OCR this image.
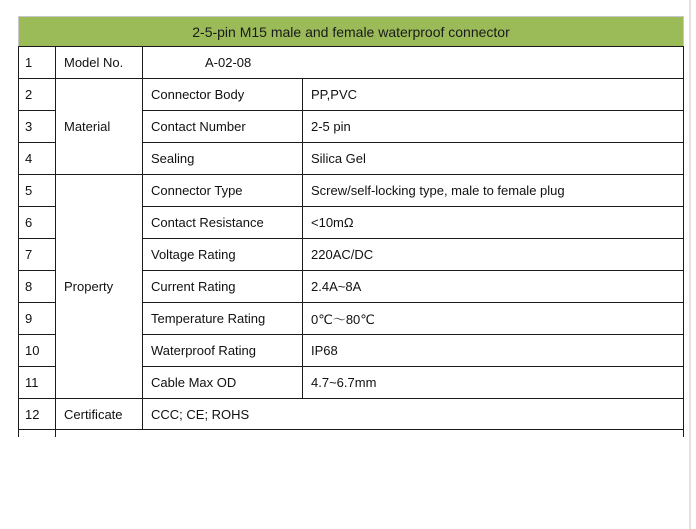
2-5-pin M15 male and female waterproof connector			
1	Model No.	A-02-08	
2	Material	Connector Body	PP,PVC
3		Contact Number	2-5 pin
4		Sealing	Silica Gel
5	Property	Connector Type	Screw/self-locking type, male to female plug
6		Contact Resistance	<10mΩ
7		Voltage Rating	220AC/DC
8		Current Rating	2.4A~8A
9		Temperature Rating	0℃～80℃
10		Waterproof Rating	IP68
11		Cable Max OD	4.7~6.7mm
12	Certificate	CCC; CE; ROHS	
